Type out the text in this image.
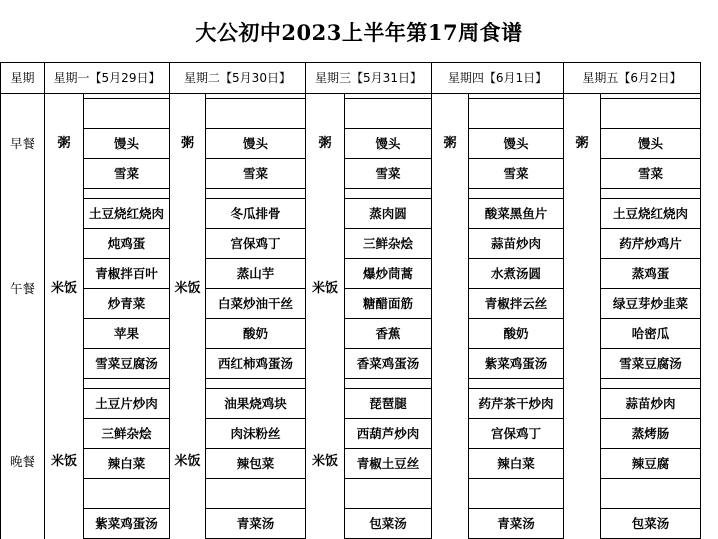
大公初中2023上半年第17周食谱
星期	星期一【5月29日】		星期二【5月30日】		星期三【5月31日】		星期四【6月1日】		星期五【6月2日】	
早餐	粥		粥		粥		粥		粥	

		馒头		馒头		馒头		馒头		馒头

		雪菜		雪菜		雪菜		雪菜		雪菜

午餐	米饭		米饭		米饭					
		土豆烧红烧肉		冬瓜排骨		蒸肉圆		酸菜黑鱼片		土豆烧红烧肉

		炖鸡蛋		宫保鸡丁		三鲜杂烩		蒜苗炒肉		药芹炒鸡片

		青椒拌百叶		蒸山芋		爆炒茼蒿		水煮汤圆		蒸鸡蛋

		炒青菜		白菜炒油干丝		糖醋面筋		青椒拌云丝		绿豆芽炒韭菜

		苹果		酸奶		香蕉		酸奶		哈密瓜

		雪菜豆腐汤		西红柿鸡蛋汤		香菜鸡蛋汤		紫菜鸡蛋汤		雪菜豆腐汤

晚餐	米饭		米饭		米饭					
		土豆片炒肉		油果烧鸡块		琵琶腿		药芹茶干炒肉		蒜苗炒肉

		三鲜杂烩		肉沫粉丝		西葫芦炒肉		宫保鸡丁		蒸烤肠

		辣白菜		辣包菜		青椒土豆丝		辣白菜		辣豆腐

		紫菜鸡蛋汤		青菜汤		包菜汤		青菜汤		包菜汤
